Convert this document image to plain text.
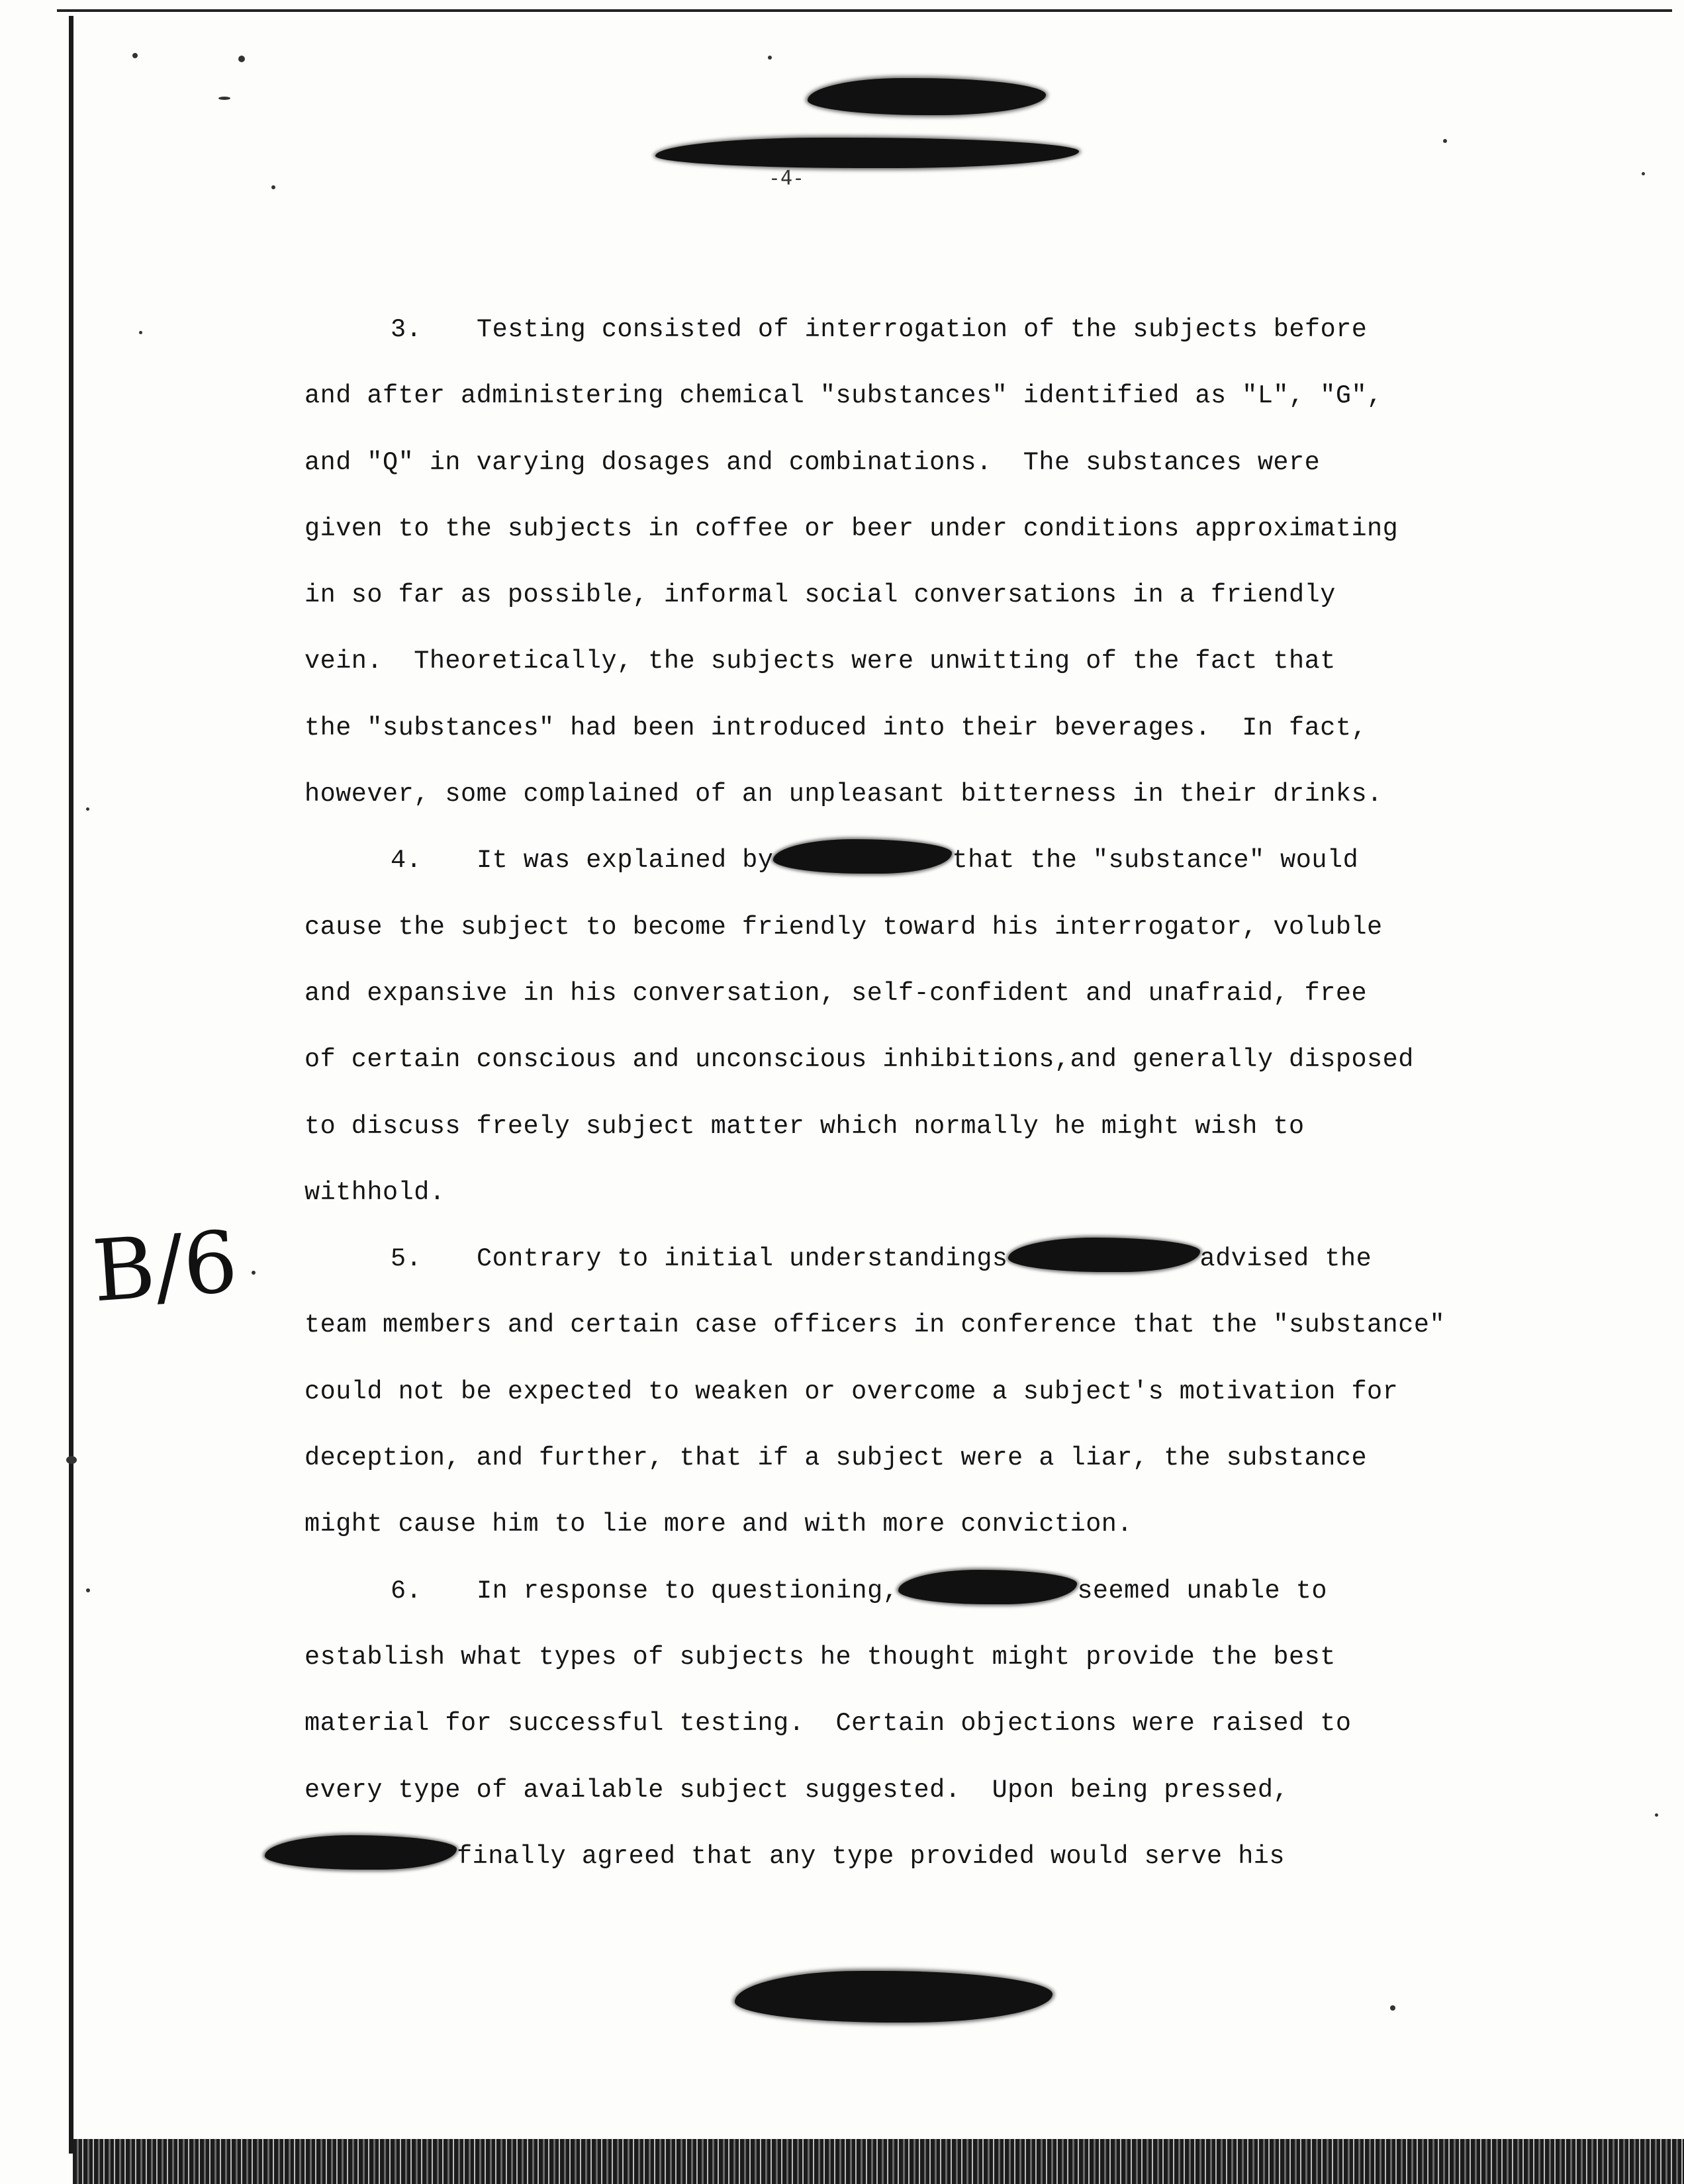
-4-
3. Testing consisted of interrogation of the subjects before
and after administering chemical "substances" identified as "L", "G",
and "Q" in varying dosages and combinations.  The substances were
given to the subjects in coffee or beer under conditions approximating
in so far as possible, informal social conversations in a friendly
vein.  Theoretically, the subjects were unwitting of the fact that
the "substances" had been introduced into their beverages.  In fact,
however, some complained of an unpleasant bitterness in their drinks.
4. It was explained by	that the "substance" would
cause the subject to become friendly toward his interrogator, voluble
and expansive in his conversation, self-confident and unafraid, free
of certain conscious and unconscious inhibitions,and generally disposed
to discuss freely subject matter which normally he might wish to
withhold.
5. Contrary to initial understandings	advised the
team members and certain case officers in conference that the "substance"
could not be expected to weaken or overcome a subject's motivation for
deception, and further, that if a subject were a liar, the substance
might cause him to lie more and with more conviction.
6. In response to questioning,	seemed unable to
establish what types of subjects he thought might provide the best
material for successful testing.  Certain objections were raised to
every type of available subject suggested.  Upon being pressed,
finally agreed that any type provided would serve his
B/6
